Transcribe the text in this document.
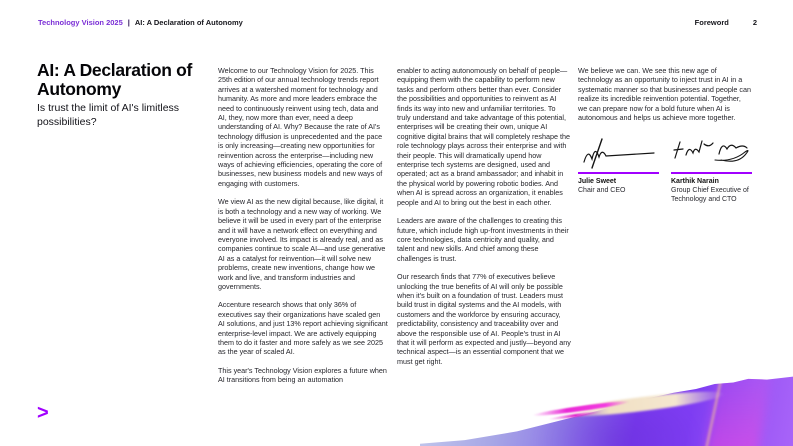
Technology Vision 2025 | AI: A Declaration of Autonomy	Foreword	2
AI: A Declaration of Autonomy
Is trust the limit of AI's limitless possibilities?

Welcome to our Technology Vision for 2025. This 25th edition of our annual technology trends report arrives at a watershed moment for technology and humanity. As more and more leaders embrace the need to continuously reinvent using tech, data and AI, they, now more than ever, need a deep understanding of AI. Why? Because the rate of AI's technology diffusion is unprecedented and the pace is only increasing—creating new opportunities for reinvention across the enterprise—including new ways of achieving efficiencies, operating the core of businesses, new business models and new ways of engaging with customers.

We view AI as the new digital because, like digital, it is both a technology and a new way of working. We believe it will be used in every part of the enterprise and it will have a network effect on everything and everyone involved. Its impact is already real, and as companies continue to scale AI—and use generative AI as a catalyst for reinvention—it will solve new problems, create new inventions, change how we work and live, and transform industries and governments.

Accenture research shows that only 36% of executives say their organizations have scaled gen AI solutions, and just 13% report achieving significant enterprise-level impact. We are actively equipping them to do it faster and more safely as we see 2025 as the year of scaled AI.

This year's Technology Vision explores a future when AI transitions from being an automation

enabler to acting autonomously on behalf of people—equipping them with the capability to perform new tasks and perform others better than ever. Consider the possibilities and opportunities to reinvent as AI finds its way into new and unfamiliar territories. To truly understand and take advantage of this potential, enterprises will be creating their own, unique AI cognitive digital brains that will completely reshape the role technology plays across their enterprise and with their people. This will dramatically upend how enterprise tech systems are designed, used and operated; act as a brand ambassador; and inhabit in the physical world by powering robotic bodies. And when AI is spread across an organization, it enables people and AI to bring out the best in each other.

Leaders are aware of the challenges to creating this future, which include high up-front investments in their core technologies, data centricity and quality, and talent and new skills. And chief among these challenges is trust.

Our research finds that 77% of executives believe unlocking the true benefits of AI will only be possible when it's built on a foundation of trust. Leaders must build trust in digital systems and the AI models, with customers and the workforce by ensuring accuracy, predictability, consistency and traceability over and above the responsible use of AI. People's trust in AI that it will perform as expected and justly—beyond any technical aspect—is an essential component that we must get right.

We believe we can. We see this new age of technology as an opportunity to inject trust in AI in a systematic manner so that businesses and people can realize its incredible reinvention potential. Together, we can prepare now for a bold future when AI is autonomous and helps us achieve more together.

Julie Sweet
Chair and CEO
Karthik Narain
Group Chief Executive of Technology and CTO
>
